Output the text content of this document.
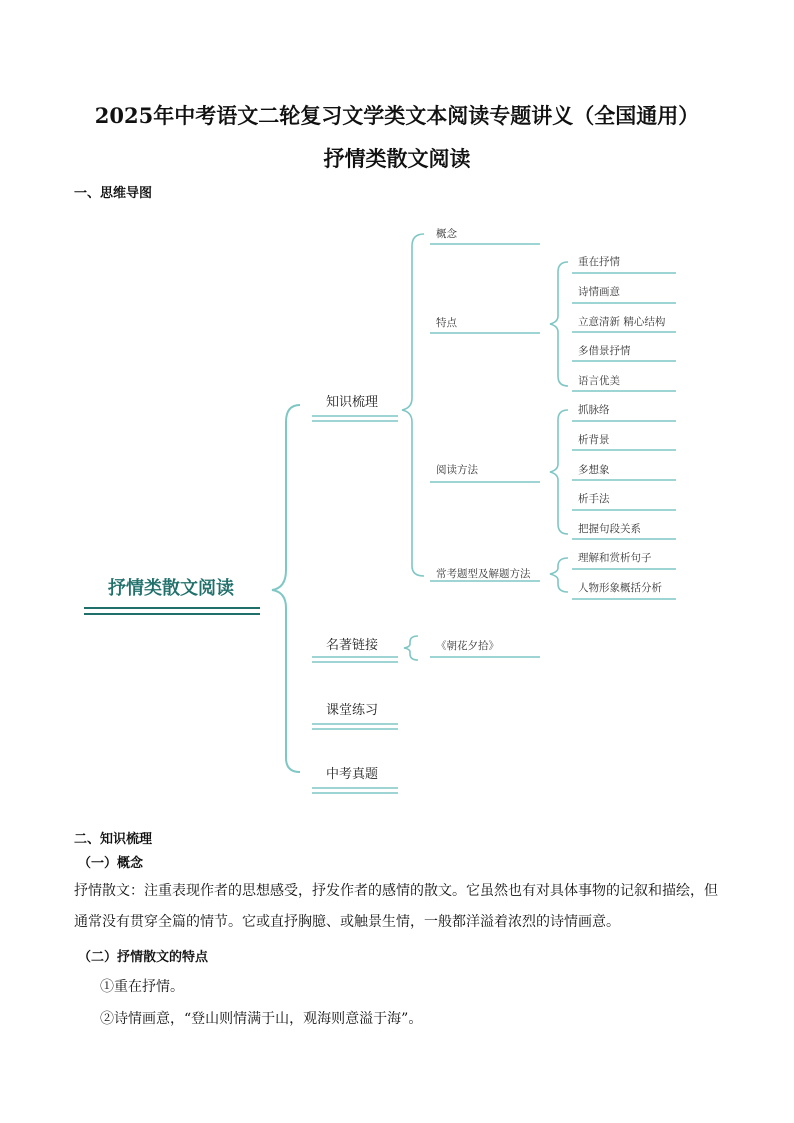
2025年中考语文二轮复习文学类文本阅读专题讲义（全国通用）
抒情类散文阅读
一、思维导图
抒情类散文阅读
知识梳理
名著链接
课堂练习
中考真题
概念
特点
阅读方法
常考题型及解题方法
重在抒情
诗情画意
立意清新 精心结构
多借景抒情
语言优美
抓脉络
析背景
多想象
析手法
把握句段关系
理解和赏析句子
人物形象概括分析
《朝花夕拾》
二、知识梳理
（一）概念
抒情散文：注重表现作者的思想感受，抒发作者的感情的散文。它虽然也有对具体事物的记叙和描绘，但通常没有贯穿全篇的情节。它或直抒胸臆、或触景生情，一般都洋溢着浓烈的诗情画意。
（二）抒情散文的特点
①重在抒情。
②诗情画意，“登山则情满于山，观海则意溢于海”。
